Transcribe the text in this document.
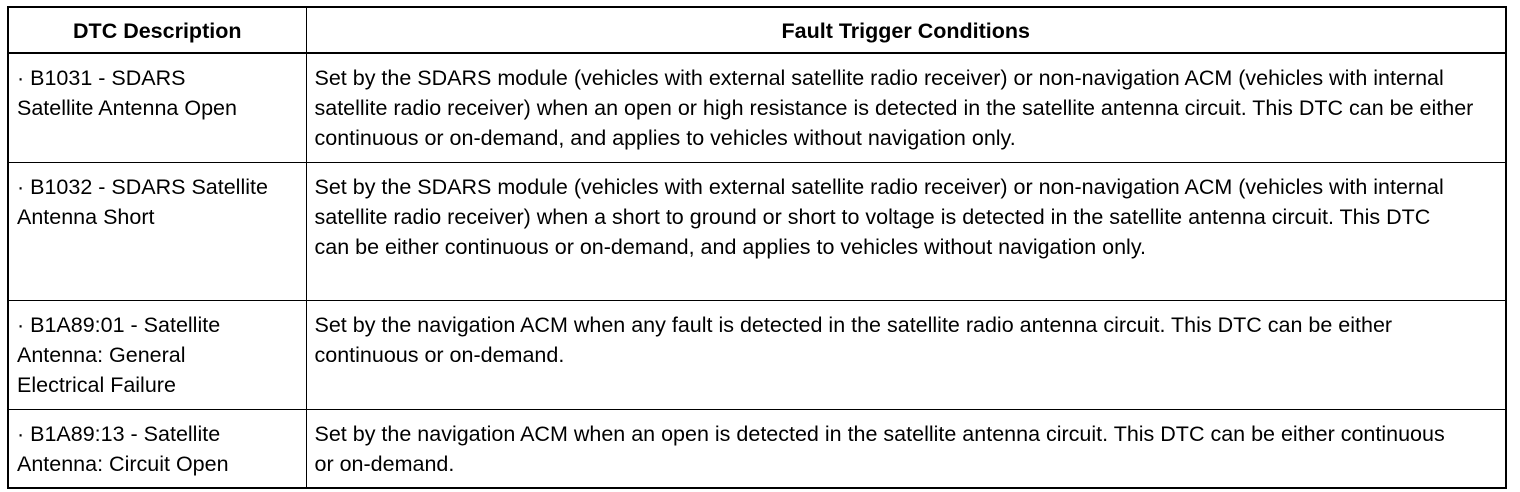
DTC Description	Fault Trigger Conditions
· B1031 - SDARS Satellite Antenna Open	Set by the SDARS module (vehicles with external satellite radio receiver) or non-navigation ACM (vehicles with internal satellite radio receiver) when an open or high resistance is detected in the satellite antenna circuit. This DTC can be either continuous or on-demand, and applies to vehicles without navigation only.
· B1032 - SDARS Satellite Antenna Short	Set by the SDARS module (vehicles with external satellite radio receiver) or non-navigation ACM (vehicles with internal satellite radio receiver) when a short to ground or short to voltage is detected in the satellite antenna circuit. This DTC can be either continuous or on-demand, and applies to vehicles without navigation only.
· B1A89:01 - Satellite Antenna: General Electrical Failure	Set by the navigation ACM when any fault is detected in the satellite radio antenna circuit. This DTC can be either continuous or on-demand.
· B1A89:13 - Satellite Antenna: Circuit Open	Set by the navigation ACM when an open is detected in the satellite antenna circuit. This DTC can be either continuous or on-demand.
